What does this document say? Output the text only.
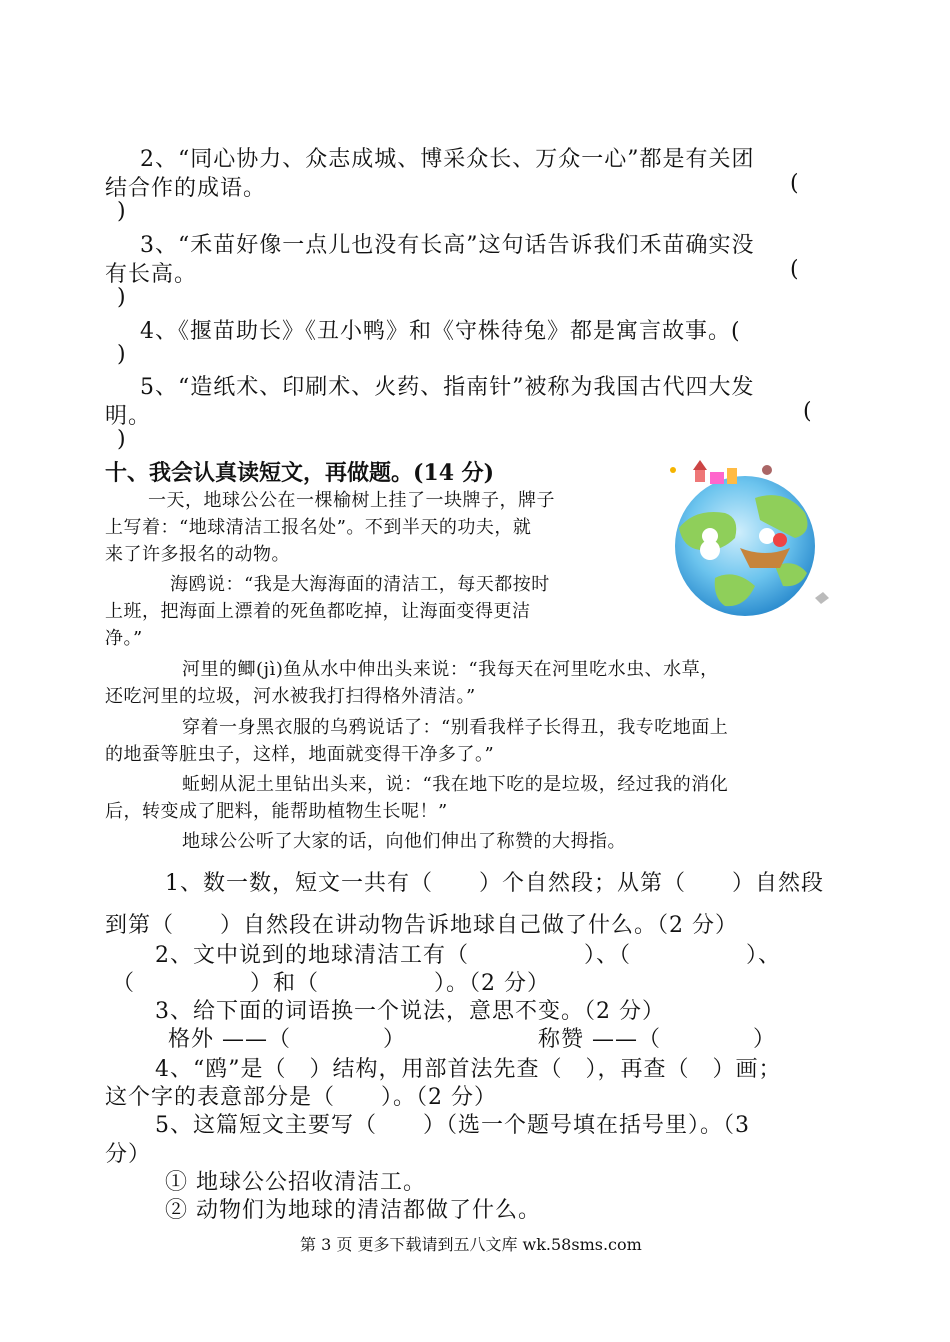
2、“同心协力、众志成城、博采众长、万众一心”都是有关团
结合作的成语。	(
)
3、“禾苗好像一点儿也没有长高”这句话告诉我们禾苗确实没
有长高。	(
)
4、《揠苗助长》《丑小鸭》和《守株待兔》都是寓言故事。(
)
5、“造纸术、印刷术、火药、指南针”被称为我国古代四大发
明。	(
)
十、我会认真读短文，再做题。(14 分)
一天，地球公公在一棵榆树上挂了一块牌子，牌子
上写着：“地球清洁工报名处”。不到半天的功夫，就
来了许多报名的动物。
海鸥说：“我是大海海面的清洁工，每天都按时
上班，把海面上漂着的死鱼都吃掉，让海面变得更洁
净。”
河里的鲫(jì)鱼从水中伸出头来说：“我每天在河里吃水虫、水草，
还吃河里的垃圾，河水被我打扫得格外清洁。”
穿着一身黑衣服的乌鸦说话了：“别看我样子长得丑，我专吃地面上
的地蚕等脏虫子，这样，地面就变得干净多了。”
蚯蚓从泥土里钻出头来，说：“我在地下吃的是垃圾，经过我的消化
后，转变成了肥料，能帮助植物生长呢！”
地球公公听了大家的话，向他们伸出了称赞的大拇指。
1、数一数，短文一共有（　　）个自然段；从第（　　）自然段
到第（　　）自然段在讲动物告诉地球自己做了什么。（2 分）
2、文中说到的地球清洁工有（　　　　　）、（　　　　　）、
（　　　　　）和（　　　　　）。（2 分）
3、给下面的词语换一个说法，意思不变。（2 分）
格外 ——（　　　　）	称赞 ——（　　　　）
4、“鸥”是（　）结构，用部首法先查（　），再查（　）画；
这个字的表意部分是（　　）。（2 分）
5、这篇短文主要写（　　）（选一个题号填在括号里）。（3
分）
① 地球公公招收清洁工。
② 动物们为地球的清洁都做了什么。
第 3 页 更多下载请到五八文库 wk.58sms.com
